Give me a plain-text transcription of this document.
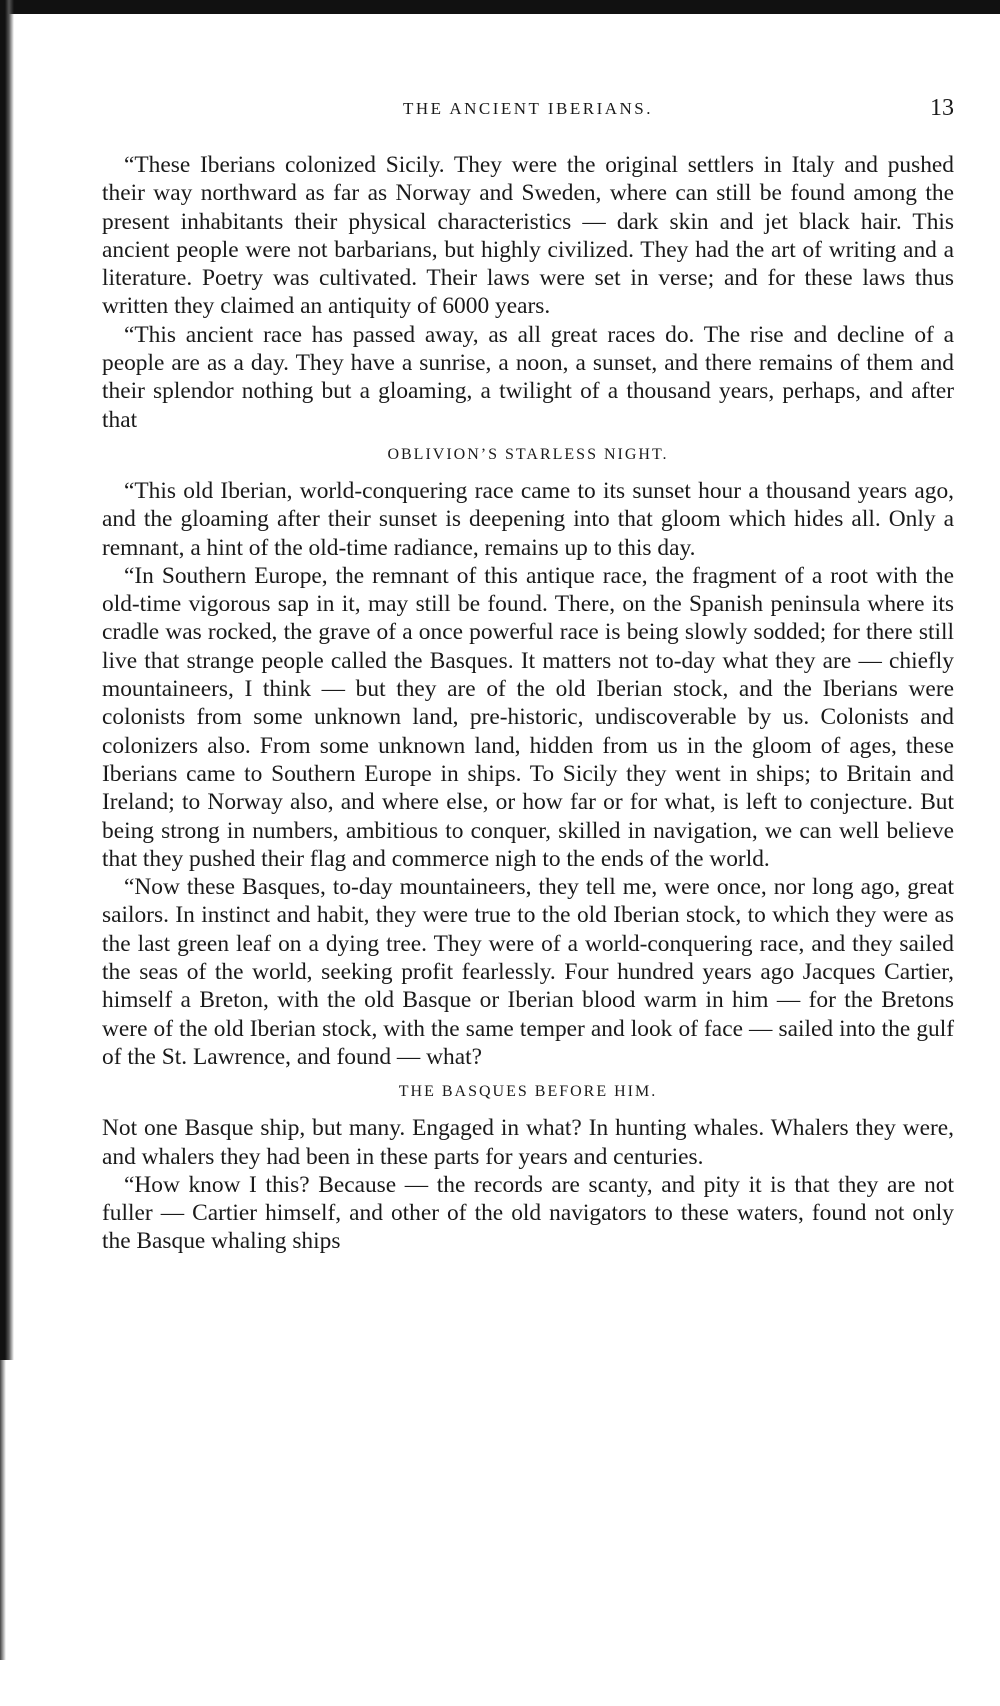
THE ANCIENT IBERIANS.	13

“These Iberians colonized Sicily. They were the original settlers in Italy and pushed their way northward as far as Norway and Sweden, where can still be found among the present inhabitants their physical characteristics — dark skin and jet black hair. This ancient people were not barbarians, but highly civilized. They had the art of writing and a literature. Poetry was cultivated. Their laws were set in verse; and for these laws thus written they claimed an antiquity of 6000 years.

“This ancient race has passed away, as all great races do. The rise and decline of a people are as a day. They have a sunrise, a noon, a sunset, and there remains of them and their splendor nothing but a gloaming, a twilight of a thousand years, perhaps, and after that

OBLIVION’S STARLESS NIGHT.

“This old Iberian, world-conquering race came to its sunset hour a thousand years ago, and the gloaming after their sunset is deepening into that gloom which hides all. Only a remnant, a hint of the old-time radiance, remains up to this day.

“In Southern Europe, the remnant of this antique race, the fragment of a root with the old-time vigorous sap in it, may still be found. There, on the Spanish peninsula where its cradle was rocked, the grave of a once powerful race is being slowly sodded; for there still live that strange people called the Basques. It matters not to-day what they are — chiefly mountaineers, I think — but they are of the old Iberian stock, and the Iberians were colonists from some unknown land, pre-historic, undiscoverable by us. Colonists and colonizers also. From some unknown land, hidden from us in the gloom of ages, these Iberians came to Southern Europe in ships. To Sicily they went in ships; to Britain and Ireland; to Norway also, and where else, or how far or for what, is left to conjecture. But being strong in numbers, ambitious to conquer, skilled in navigation, we can well believe that they pushed their flag and commerce nigh to the ends of the world.

“Now these Basques, to-day mountaineers, they tell me, were once, nor long ago, great sailors. In instinct and habit, they were true to the old Iberian stock, to which they were as the last green leaf on a dying tree. They were of a world-conquering race, and they sailed the seas of the world, seeking profit fearlessly. Four hundred years ago Jacques Cartier, himself a Breton, with the old Basque or Iberian blood warm in him — for the Bretons were of the old Iberian stock, with the same temper and look of face — sailed into the gulf of the St. Lawrence, and found — what?

THE BASQUES BEFORE HIM.

Not one Basque ship, but many. Engaged in what? In hunting whales. Whalers they were, and whalers they had been in these parts for years and centuries.

“How know I this? Because — the records are scanty, and pity it is that they are not fuller — Cartier himself, and other of the old navigators to these waters, found not only the Basque whaling ships
